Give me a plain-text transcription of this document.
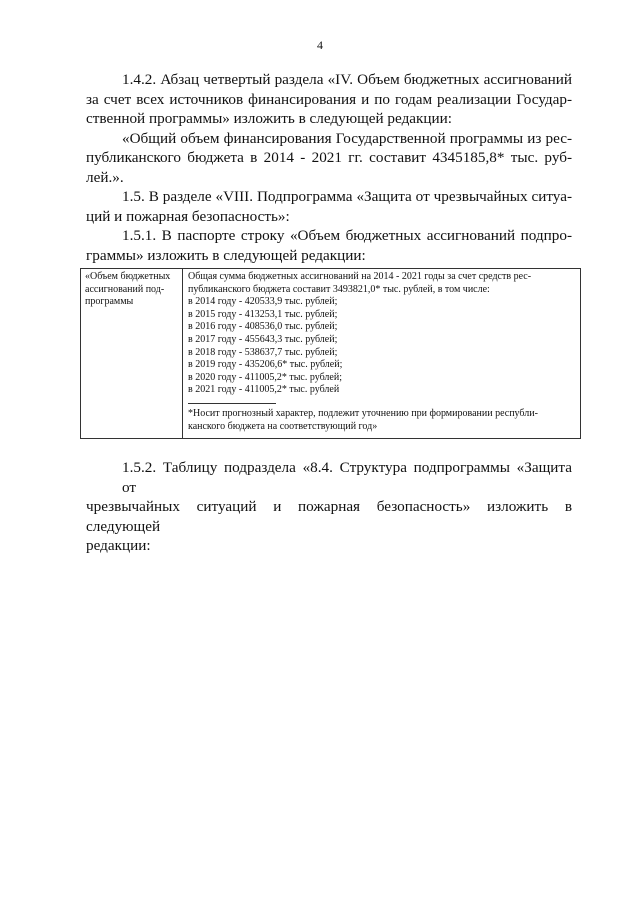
4
1.4.2. Абзац четвертый раздела «IV. Объем бюджетных ассигнований
за счет всех источников финансирования и по годам реализации Государ-
ственной программы» изложить в следующей редакции:
«Общий объем финансирования Государственной программы из рес-
публиканского бюджета в 2014 - 2021 гг. составит 4345185,8* тыс. руб-
лей.».
1.5. В разделе «VIII. Подпрограмма «Защита от чрезвычайных ситуа-
ций и пожарная безопасность»:
1.5.1. В паспорте строку «Объем бюджетных ассигнований подпро-
граммы» изложить в следующей редакции:
«Объем бюджетных
ассигнований под-
программы
Общая сумма бюджетных ассигнований на 2014 - 2021 годы за счет средств рес-
публиканского бюджета составит 3493821,0* тыс. рублей, в том числе:
в 2014 году - 420533,9 тыс. рублей;
в 2015 году - 413253,1 тыс. рублей;
в 2016 году - 408536,0 тыс. рублей;
в 2017 году - 455643,3 тыс. рублей;
в 2018 году - 538637,7 тыс. рублей;
в 2019 году - 435206,6* тыс. рублей;
в 2020 году - 411005,2* тыс. рублей;
в 2021 году - 411005,2* тыс. рублей
*Носит прогнозный характер, подлежит уточнению при формировании республи-
канского бюджета на соответствующий год»
1.5.2. Таблицу подраздела «8.4. Структура подпрограммы «Защита от
чрезвычайных ситуаций и пожарная безопасность» изложить в следующей
редакции:
